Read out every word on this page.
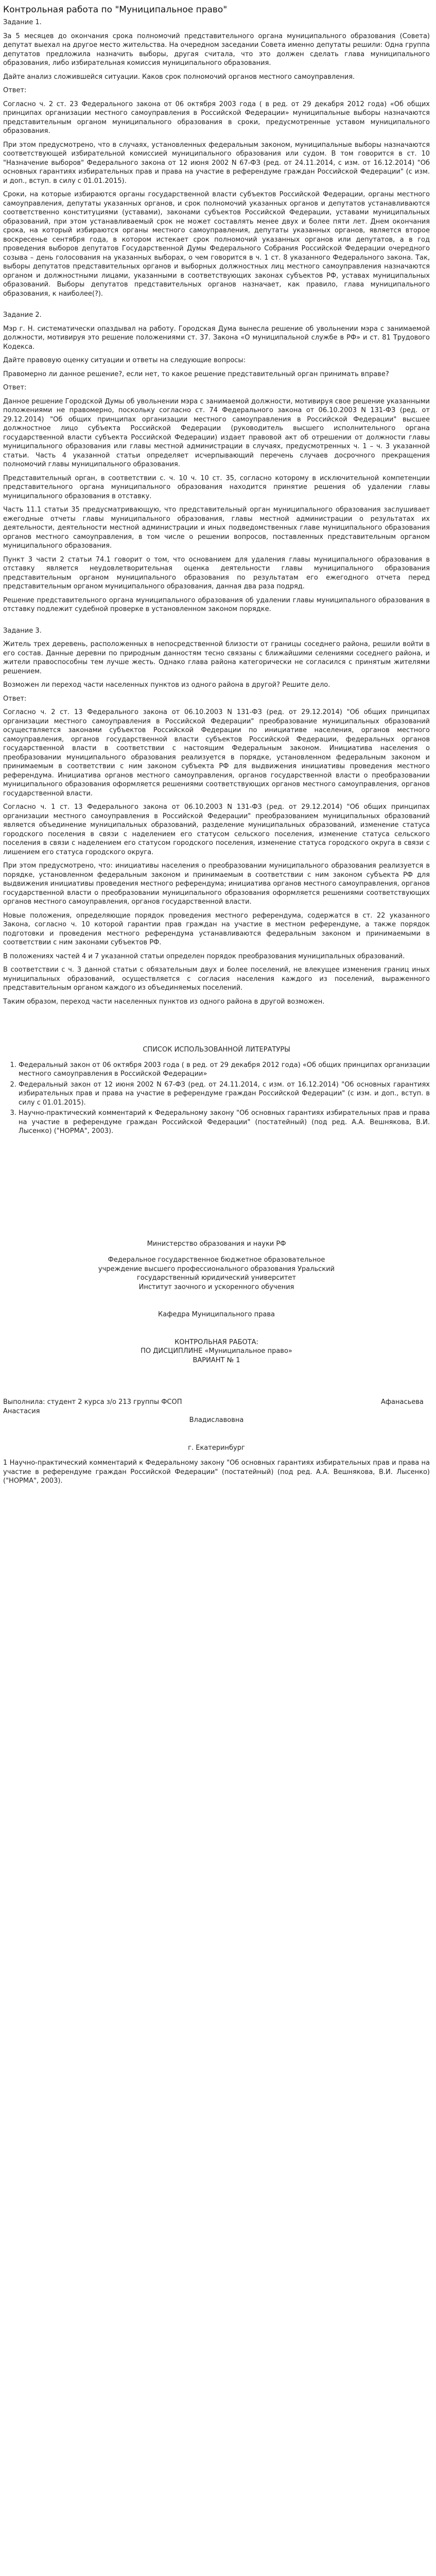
Контрольная работа по "Муниципальное право"
Задание 1.

За 5 месяцев до окончания срока полномочий представительного органа муниципального образования (Совета) депутат выехал на другое место жительства. На очередном заседании Совета именно депутаты решили: Одна группа депутатов предложила назначить выборы, другая считала, что это должен сделать глава муниципального образования, либо избирательная комиссия муниципального образования.

Дайте анализ сложившейся ситуации. Каков срок полномочий органов местного самоуправления.

Ответ:

Согласно ч. 2 ст. 23 Федерального закона от 06 октября 2003 года ( в ред. от 29 декабря 2012 года) «Об общих принципах организации местного самоуправления в Российской Федерации» муниципальные выборы назначаются представительным органом муниципального образования в сроки, предусмотренные уставом муниципального образования.

При этом предусмотрено, что в случаях, установленных федеральным законом, муниципальные выборы назначаются соответствующей избирательной комиссией муниципального образования или судом. В том говорится в ст. 10 "Назначение выборов" Федерального закона от 12 июня 2002 N 67-ФЗ (ред. от 24.11.2014, с изм. от 16.12.2014) "Об основных гарантиях избирательных прав и права на участие в референдуме граждан Российской Федерации" (с изм. и доп., вступ. в силу с 01.01.2015).

Сроки, на которые избираются органы государственной власти субъектов Российской Федерации, органы местного самоуправления, депутаты указанных органов, и срок полномочий указанных органов и депутатов устанавливаются соответственно конституциями (уставами), законами субъектов Российской Федерации, уставами муниципальных образований, при этом устанавливаемый срок не может составлять менее двух и более пяти лет. Днем окончания срока, на который избираются органы местного самоуправления, депутаты указанных органов, является второе воскресенье сентября года, в котором истекает срок полномочий указанных органов или депутатов, а в год проведения выборов депутатов Государственной Думы Федерального Собрания Российской Федерации очередного созыва – день голосования на указанных выборах, о чем говорится в ч. 1 ст. 8 указанного Федерального закона. Так, выборы депутатов представительных органов и выборных должностных лиц местного самоуправления назначаются органом и должностными лицами, указанными в соответствующих законах субъектов РФ, уставах муниципальных образований. Выборы депутатов представительных органов назначает, как правило, глава муниципального образования, к наиболее(?).

Задание 2.

Мэр г. Н. систематически опаздывал на работу. Городская Дума вынесла решение об увольнении мэра с занимаемой должности, мотивируя это решение положениями ст. 37. Закона «О муниципальной службе в РФ» и ст. 81 Трудового Кодекса.

Дайте правовую оценку ситуации и ответы на следующие вопросы:

Правомерно ли данное решение?, если нет, то какое решение представительный орган принимать вправе?

Ответ:

Данное решение Городской Думы об увольнении мэра с занимаемой должности, мотивируя свое решение указанными положениями не правомерно, поскольку согласно ст. 74 Федерального закона от 06.10.2003 N 131-ФЗ (ред. от 29.12.2014) "Об общих принципах организации местного самоуправления в Российской Федерации" высшее должностное лицо субъекта Российской Федерации (руководитель высшего исполнительного органа государственной власти субъекта Российской Федерации) издает правовой акт об отрешении от должности главы муниципального образования или главы местной администрации в случаях, предусмотренных ч. 1 – ч. 3 указанной статьи. Часть 4 указанной статьи определяет исчерпывающий перечень случаев досрочного прекращения полномочий главы муниципального образования.

Представительный орган, в соответствии с. ч. 10 ч. 10 ст. 35, согласно которому в исключительной компетенции представительного органа муниципального образования находится принятие решения об удалении главы муниципального образования в отставку.

Часть 11.1 статьи 35 предусматривающую, что представительный орган муниципального образования заслушивает ежегодные отчеты главы муниципального образования, главы местной администрации о результатах их деятельности, деятельности местной администрации и иных подведомственных главе муниципального образования органов местного самоуправления, в том числе о решении вопросов, поставленных представительным органом муниципального образования.

Пункт 3 части 2 статьи 74.1 говорит о том, что основанием для удаления главы муниципального образования в отставку является неудовлетворительная оценка деятельности главы муниципального образования представительным органом муниципального образования по результатам его ежегодного отчета перед представительным органом муниципального образования, данная два раза подряд.

Решение представительного органа муниципального образования об удалении главы муниципального образования в отставку подлежит судебной проверке в установленном законом порядке.

Задание 3.

Житель трех деревень, расположенных в непосредственной близости от границы соседнего района, решили войти в его состав. Данные деревни по природным данностям тесно связаны с ближайшими селениями соседнего района, и жители правоспособны тем лучше жесть. Однако глава района категорически не согласился с принятым жителями решением.

Возможен ли переход части населенных пунктов из одного района в другой? Решите дело.

Ответ:

Согласно ч. 2 ст. 13 Федерального закона от 06.10.2003 N 131-ФЗ (ред. от 29.12.2014) "Об общих принципах организации местного самоуправления в Российской Федерации" преобразование муниципальных образований осуществляется законами субъектов Российской Федерации по инициативе населения, органов местного самоуправления, органов государственной власти субъектов Российской Федерации, федеральных органов государственной власти в соответствии с настоящим Федеральным законом. Инициатива населения о преобразовании муниципального образования реализуется в порядке, установленном федеральным законом и принимаемым в соответствии с ним законом субъекта РФ для выдвижения инициативы проведения местного референдума. Инициатива органов местного самоуправления, органов государственной власти о преобразовании муниципального образования оформляется решениями соответствующих органов местного самоуправления, органов государственной власти.

Согласно ч. 1 ст. 13 Федерального закона от 06.10.2003 N 131-ФЗ (ред. от 29.12.2014) "Об общих принципах организации местного самоуправления в Российской Федерации" преобразованием муниципальных образований является объединение муниципальных образований, разделение муниципальных образований, изменение статуса городского поселения в связи с наделением его статусом сельского поселения, изменение статуса сельского поселения в связи с наделением его статусом городского поселения, изменение статуса городского округа в связи с лишением его статуса городского округа.

При этом предусмотрено, что: инициативы населения о преобразовании муниципального образования реализуется в порядке, установленном федеральным законом и принимаемым в соответствии с ним законом субъекта РФ для выдвижения инициативы проведения местного референдума; инициатива органов местного самоуправления, органов государственной власти о преобразовании муниципального образования оформляется решениями соответствующих органов местного самоуправления, органов государственной власти.

Новые положения, определяющие порядок проведения местного референдума, содержатся в ст. 22 указанного Закона, согласно ч. 10 которой гарантии прав граждан на участие в местном референдуме, а также порядок подготовки и проведения местного референдума устанавливаются федеральным законом и принимаемыми в соответствии с ним законами субъектов РФ.

В положениях частей 4 и 7 указанной статьи определен порядок преобразования муниципальных образований.

В соответствии с ч. 3 данной статьи с обязательным двух и более поселений, не влекущее изменения границ иных муниципальных образований, осуществляется с согласия населения каждого из поселений, выраженного представительным органом каждого из объединяемых поселений.

Таким образом, переход части населенных пунктов из одного района в другой возможен.

СПИСОК ИСПОЛЬЗОВАННОЙ ЛИТЕРАТУРЫ
1. Федеральный закон от 06 октября 2003 года ( в ред. от 29 декабря 2012 года) «Об общих принципах организации местного самоуправления в Российской Федерации»
2. Федеральный закон от 12 июня 2002 N 67-ФЗ (ред. от 24.11.2014, с изм. от 16.12.2014) "Об основных гарантиях избирательных прав и права на участие в референдуме граждан Российской Федерации" (с изм. и доп., вступ. в силу с 01.01.2015).
3. Научно-практический комментарий к Федеральному закону "Об основных гарантиях избирательных прав и права на участие в референдуме граждан Российской Федерации" (постатейный) (под ред. А.А. Вешнякова, В.И. Лысенко) ("НОРМА", 2003).

Министерство образования и науки РФ

Федеральное государственное бюджетное образовательное

учреждение высшего профессионального образования Уральский

государственный юридический университет

Институт заочного и ускоренного обучения

Кафедра Муниципального права

КОНТРОЛЬНАЯ РАБОТА:

ПО ДИСЦИПЛИНЕ «Муниципальное право»

ВАРИАНТ № 1

Выполнила: студент 2 курса з/о 213 группы ФСОП	Афанасьева
Анастасия

Владиславовна

г. Екатеринбург

1 Научно-практический комментарий к Федеральному закону "Об основных гарантиях избирательных прав и права на участие в референдуме граждан Российской Федерации" (постатейный) (под ред. А.А. Вешнякова, В.И. Лысенко) ("НОРМА", 2003).
